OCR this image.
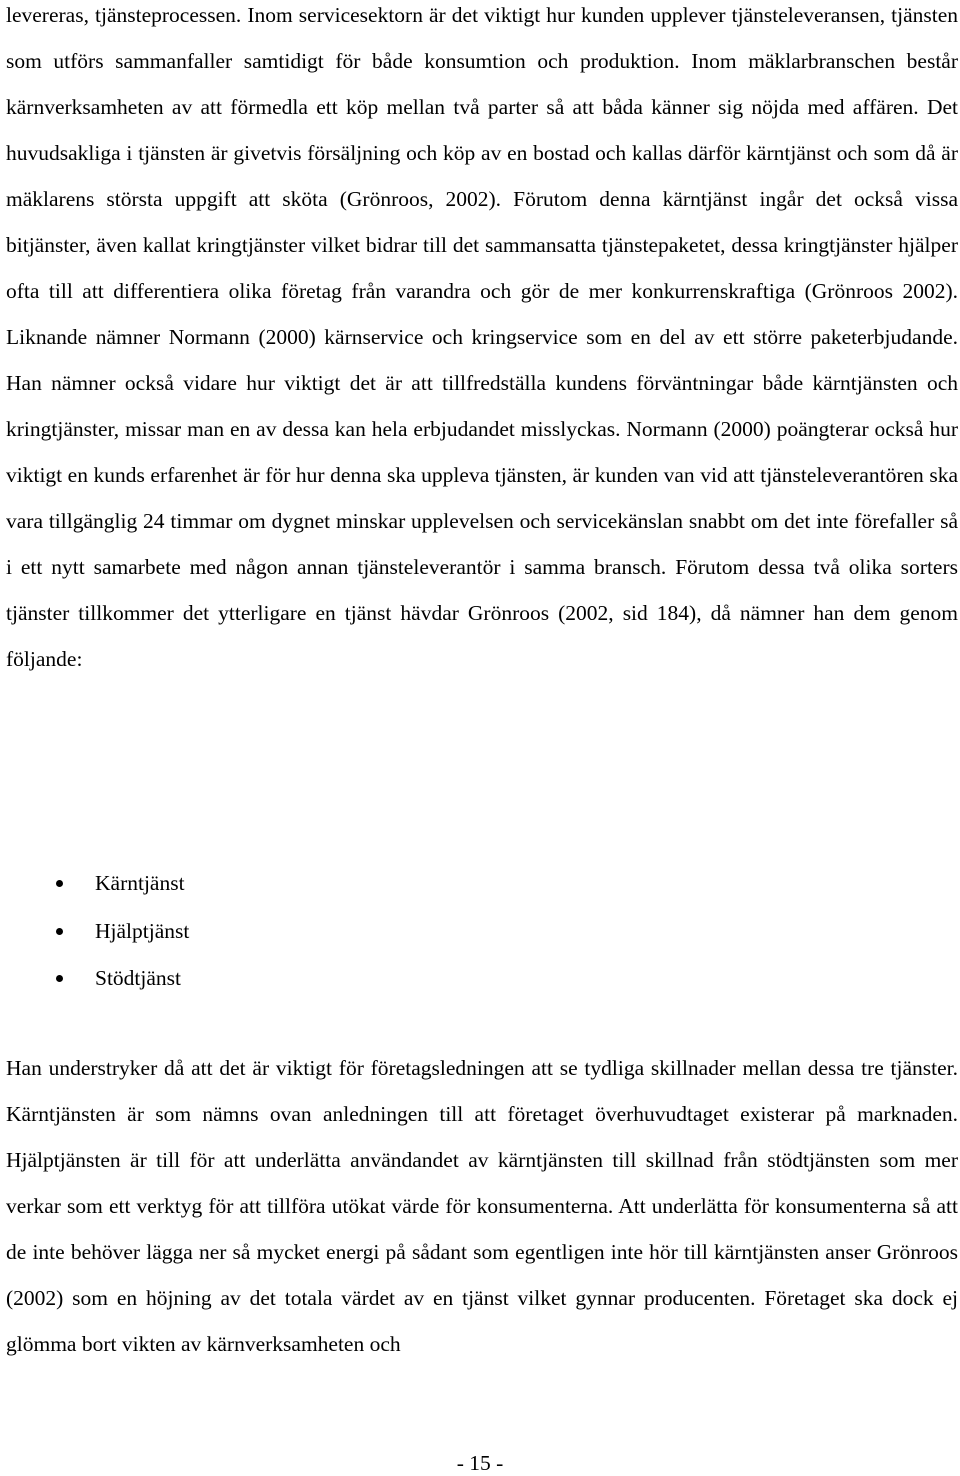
levereras, tjänsteprocessen. Inom servicesektorn är det viktigt hur kunden upplever tjänsteleveransen, tjänsten som utförs sammanfaller samtidigt för både konsumtion och produktion. Inom mäklarbranschen består kärnverksamheten av att förmedla ett köp mellan två parter så att båda känner sig nöjda med affären. Det huvudsakliga i tjänsten är givetvis försäljning och köp av en bostad och kallas därför kärntjänst och som då är mäklarens största uppgift att sköta (Grönroos, 2002). Förutom denna kärntjänst ingår det också vissa bitjänster, även kallat kringtjänster vilket bidrar till det sammansatta tjänstepaketet, dessa kringtjänster hjälper ofta till att differentiera olika företag från varandra och gör de mer konkurrenskraftiga (Grönroos 2002). Liknande nämner Normann (2000) kärnservice och kringservice som en del av ett större paketerbjudande. Han nämner också vidare hur viktigt det är att tillfredställa kundens förväntningar både kärntjänsten och kringtjänster, missar man en av dessa kan hela erbjudandet misslyckas. Normann (2000) poängterar också hur viktigt en kunds erfarenhet är för hur denna ska uppleva tjänsten, är kunden van vid att tjänsteleverantören ska vara tillgänglig 24 timmar om dygnet minskar upplevelsen och servicekänslan snabbt om det inte förefaller så i ett nytt samarbete med någon annan tjänsteleverantör i samma bransch. Förutom dessa två olika sorters tjänster tillkommer det ytterligare en tjänst hävdar Grönroos (2002, sid 184), då nämner han dem genom följande:

Kärntjänst
Hjälptjänst
Stödtjänst

Han understryker då att det är viktigt för företagsledningen att se tydliga skillnader mellan dessa tre tjänster. Kärntjänsten är som nämns ovan anledningen till att företaget överhuvudtaget existerar på marknaden. Hjälptjänsten är till för att underlätta användandet av kärntjänsten till skillnad från stödtjänsten som mer verkar som ett verktyg för att tillföra utökat värde för konsumenterna. Att underlätta för konsumenterna så att de inte behöver lägga ner så mycket energi på sådant som egentligen inte hör till kärntjänsten anser Grönroos (2002) som en höjning av det totala värdet av en tjänst vilket gynnar producenten. Företaget ska dock ej glömma bort vikten av kärnverksamheten och

- 15 -
